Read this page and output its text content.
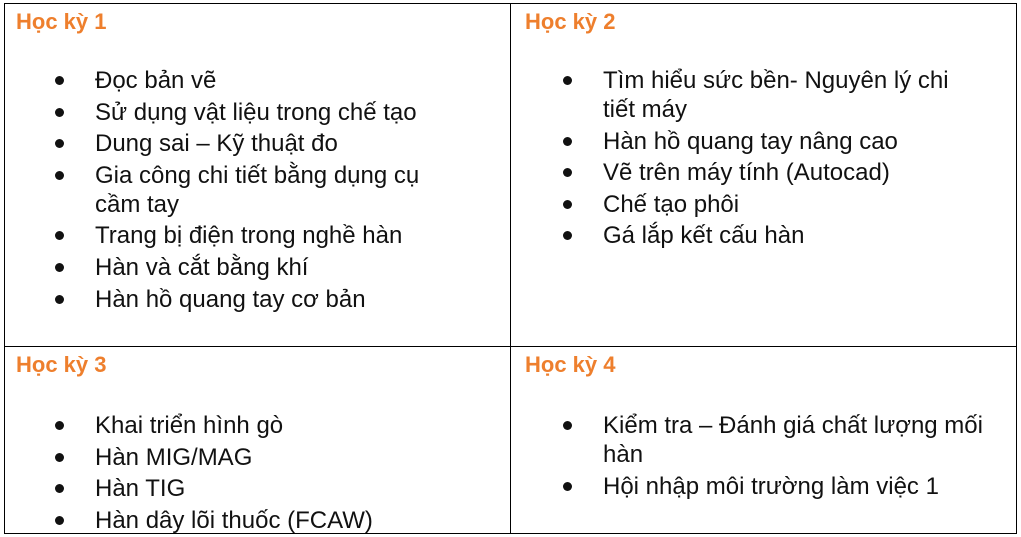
Học kỳ 1
Đọc bản vẽ
Sử dụng vật liệu trong chế tạo
Dung sai – Kỹ thuật đo
Gia công chi tiết bằng dụng cụ cầm tay
Trang bị điện trong nghề hàn
Hàn và cắt bằng khí
Hàn hồ quang tay cơ bản
Học kỳ 2
Tìm hiểu sức bền- Nguyên lý chi tiết máy
Hàn hồ quang tay nâng cao
Vẽ trên máy tính (Autocad)
Chế tạo phôi
Gá lắp kết cấu hàn
Học kỳ 3
Khai triển hình gò
Hàn MIG/MAG
Hàn TIG
Hàn dây lõi thuốc (FCAW)
Học kỳ 4
Kiểm tra – Đánh giá chất lượng mối hàn
Hội nhập môi trường làm việc 1
